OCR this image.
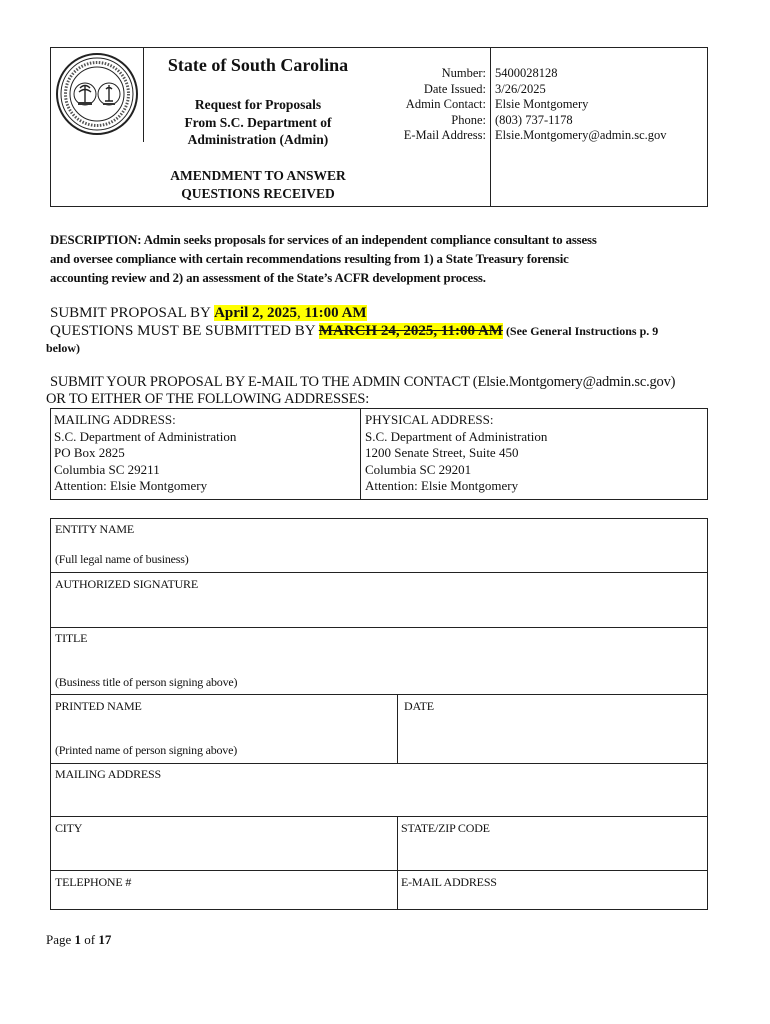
State of South Carolina
Request for Proposals
From S.C. Department of
Administration (Admin)
AMENDMENT TO ANSWER
QUESTIONS RECEIVED
Number:
Date Issued:
Admin Contact:
Phone:
E-Mail Address:
5400028128
3/26/2025
Elsie Montgomery
(803) 737-1178
Elsie.Montgomery@admin.sc.gov
DESCRIPTION: Admin seeks proposals for services of an independent compliance consultant to assess
and oversee compliance with certain recommendations resulting from 1) a State Treasury forensic
accounting review and 2) an assessment of the State’s ACFR development process.
SUBMIT PROPOSAL BY April 2, 2025, 11:00 AM
QUESTIONS MUST BE SUBMITTED BY MARCH 24, 2025, 11:00 AM (See General Instructions p. 9
below)
SUBMIT YOUR PROPOSAL BY E-MAIL TO THE ADMIN CONTACT (Elsie.Montgomery@admin.sc.gov)
OR TO EITHER OF THE FOLLOWING ADDRESSES:
MAILING ADDRESS:
S.C. Department of Administration
PO Box 2825
Columbia SC 29211
Attention: Elsie Montgomery
PHYSICAL ADDRESS:
S.C. Department of Administration
1200 Senate Street, Suite 450
Columbia SC 29201
Attention: Elsie Montgomery
ENTITY NAME
(Full legal name of business)
AUTHORIZED SIGNATURE
TITLE
(Business title of person signing above)
PRINTED NAME
(Printed name of person signing above)
DATE
MAILING ADDRESS
CITY	STATE/ZIP CODE
TELEPHONE #	E-MAIL ADDRESS
Page 1 of 17
